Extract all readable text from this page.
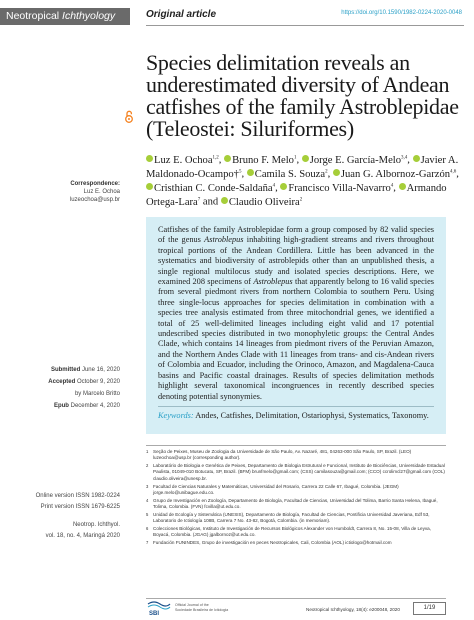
Neotropical Ichthyology	Original article	https://doi.org/10.1590/1982-0224-2020-0048
Species delimitation reveals an underestimated diversity of Andean catfishes of the family Astroblepidae (Teleostei: Siluriformes)
Luz E. Ochoa$^{1,2}$, Bruno F. Melo$^1$, Jorge E. García-Melo$^{3,4}$, Javier A. Maldonado-Ocampo†$^5$, Camila S. Souza$^2$, Juan G. Albornoz-Garzón$^{4,6}$, Cristhian C. Conde-Saldaña$^4$, Francisco Villa-Navarro$^4$, Armando Ortega-Lara$^7$ and Claudio Oliveira$^2$
Correspondence:
Luz E. Ochoa
luzeochoa@usp.br
Submitted June 16, 2020
Accepted October 9, 2020
by Marcelo Britto
Epub December 4, 2020
Online version ISSN 1982-0224
Print version ISSN 1679-6225
Neotrop. Ichthyol.
vol. 18, no. 4, Maringá 2020
Catfishes of the family Astroblepidae form a group composed by 82 valid species of the genus Astroblepus inhabiting high-gradient streams and rivers throughout tropical portions of the Andean Cordillera. Little has been advanced in the systematics and biodiversity of astroblepids other than an unpublished thesis, a single regional multilocus study and isolated species descriptions. Here, we examined 208 specimens of Astroblepus that apparently belong to 16 valid species from several piedmont rivers from northern Colombia to southern Peru. Using three single-locus approaches for species delimitation in combination with a species tree analysis estimated from three mitochondrial genes, we identified a total of 25 well-delimited lineages including eight valid and 17 potential undescribed species distributed in two monophyletic groups: the Central Andes Clade, which contains 14 lineages from piedmont rivers of the Peruvian Amazon, and the Northern Andes Clade with 11 lineages from trans- and cis-Andean rivers of Colombia and Ecuador, including the Orinoco, Amazon, and Magdalena-Cauca basins and Pacific coastal drainages. Results of species delimitation methods highlight several taxonomical incongruences in recently described species denoting potential synonymies.
Keywords: Andes, Catfishes, Delimitation, Ostariophysi, Systematics, Taxonomy.
1	Seção de Peixes, Museu de Zoologia da Universidade de São Paulo, Av. Nazaré, 481, 04263-000 São Paulo, SP, Brazil. (LEO) luzeochoa@usp.br (corresponding author).
2	Laboratório de Biologia e Genética de Peixes, Departamento de Biologia Estrutural e Funcional, Instituto de Biociências, Universidade Estadual Paulista, 01049-010 Botucatu, SP, Brazil. (BFM) brunfmelo@gmail.com; (CSS) camilasouza@gmail.com; (CCO) ccrolimcl27@gmail.com (COL) claudio.oliveira@unesp.br.
3	Facultad de Ciencias Naturales y Matemáticas, Universidad del Rosario, Carrera 22 Calle 67, Ibagué, Colombia. (JEGM) jorge.melo@unibague.edu.co.
4	Grupo de Investigación en Zoología, Departamento de Biología, Facultad de Ciencias, Universidad del Tolima, Barrio Santa Helena, Ibagué, Tolima, Colombia. (FVN) fcvilla@ut.edu.co.
5	Unidad de Ecología y Sistemática (UNESIS), Departamento de Biología, Facultad de Ciencias, Pontificia Universidad Javeriana, Edf 53, Laboratorio de Ictiología 108B, Carrera 7 No. 43-82, Bogotá, Colombia. (in memoriam).
6	Colecciones Biológicas, Instituto de Investigación de Recursos Biológicos Alexander von Humboldt, Carrera 8, No. 15-08, Villa de Leyva, Boyacá, Colombia. (JGAG) jgalbornoz@ut.edu.co.
7	Fundación FUNINDES, Grupo de investigación en peces Neotropicales, Cali, Colombia (AOL) ictiologo@hotmail.com
SBI
Official Journal of the
Sociedade Brasileira de Ictiologia	Neotropical Ichthyology, 18(4): e200048, 2020	1/19
